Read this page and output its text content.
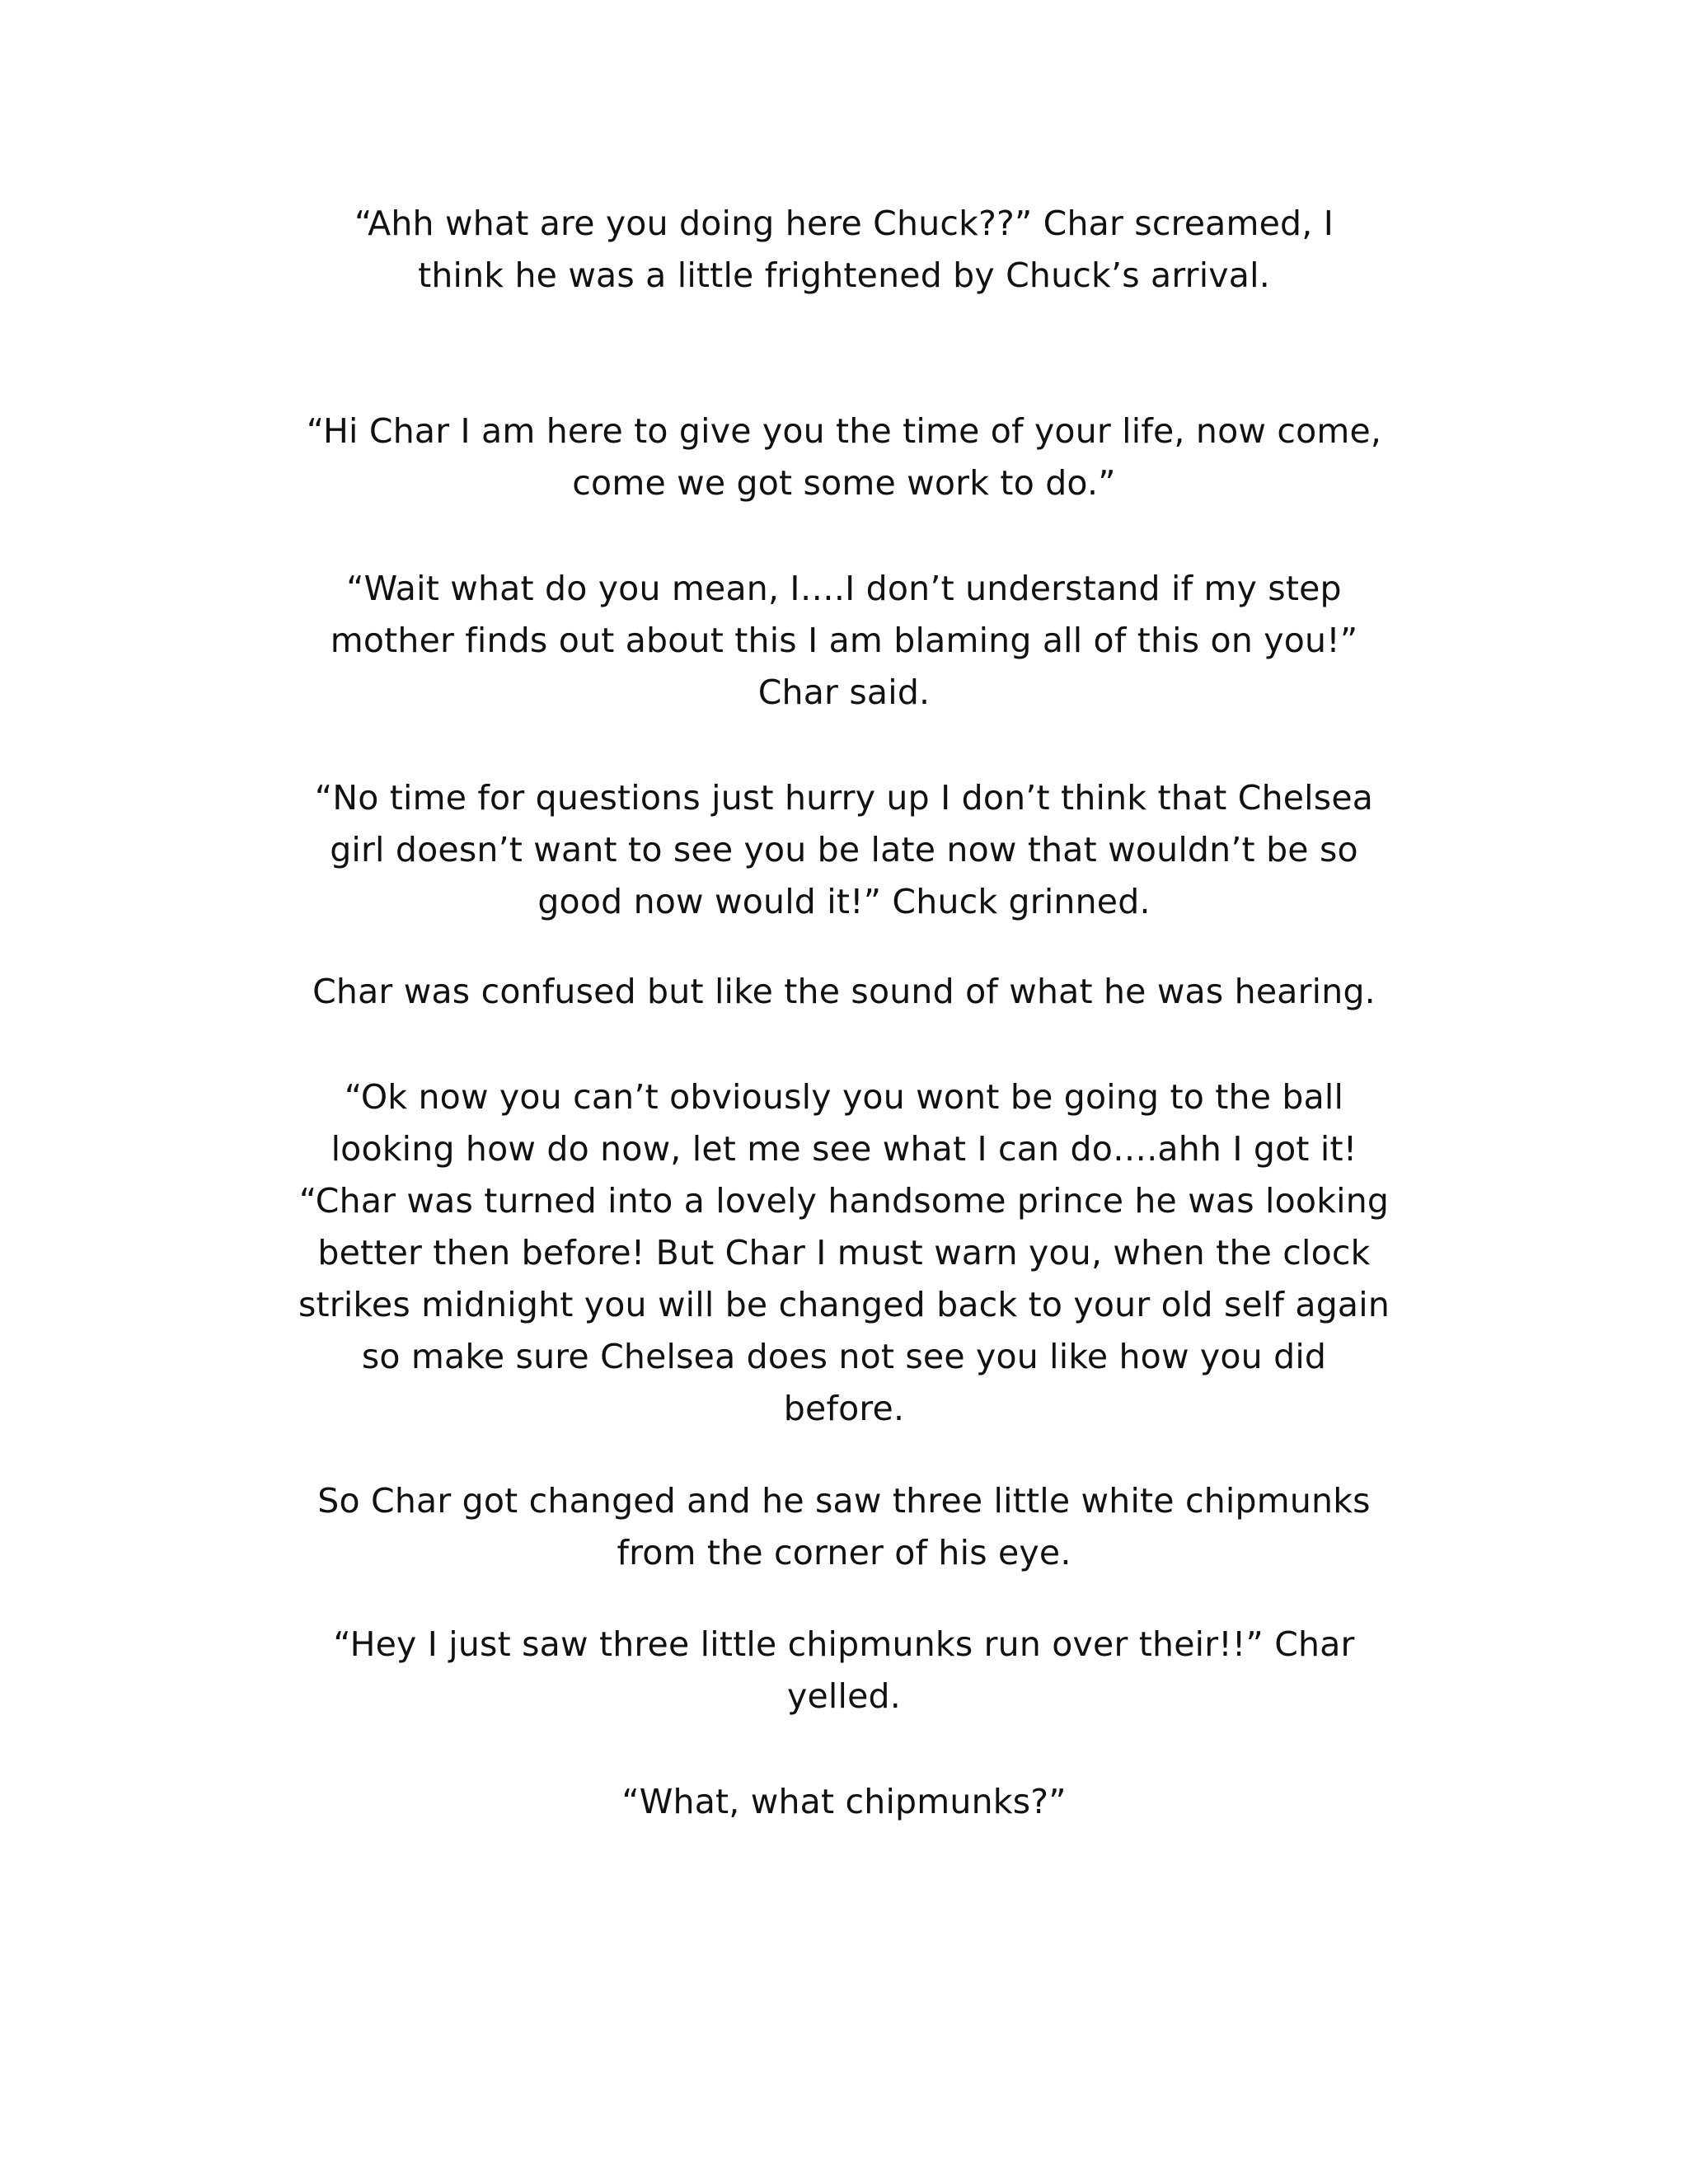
“Ahh what are you doing here Chuck??” Char screamed, I
think he was a little frightened by Chuck’s arrival.

“Hi Char I am here to give you the time of your life, now come,
come we got some work to do.”

“Wait what do you mean, I….I don’t understand if my step
mother finds out about this I am blaming all of this on you!”
Char said.

“No time for questions just hurry up I don’t think that Chelsea
girl doesn’t want to see you be late now that wouldn’t be so
good now would it!” Chuck grinned.

Char was confused but like the sound of what he was hearing.

“Ok now you can’t obviously you wont be going to the ball
looking how do now, let me see what I can do….ahh I got it!
“Char was turned into a lovely handsome prince he was looking
better then before! But Char I must warn you, when the clock
strikes midnight you will be changed back to your old self again
so make sure Chelsea does not see you like how you did
before.

So Char got changed and he saw three little white chipmunks
from the corner of his eye.

“Hey I just saw three little chipmunks run over their!!” Char
yelled.

“What, what chipmunks?”
